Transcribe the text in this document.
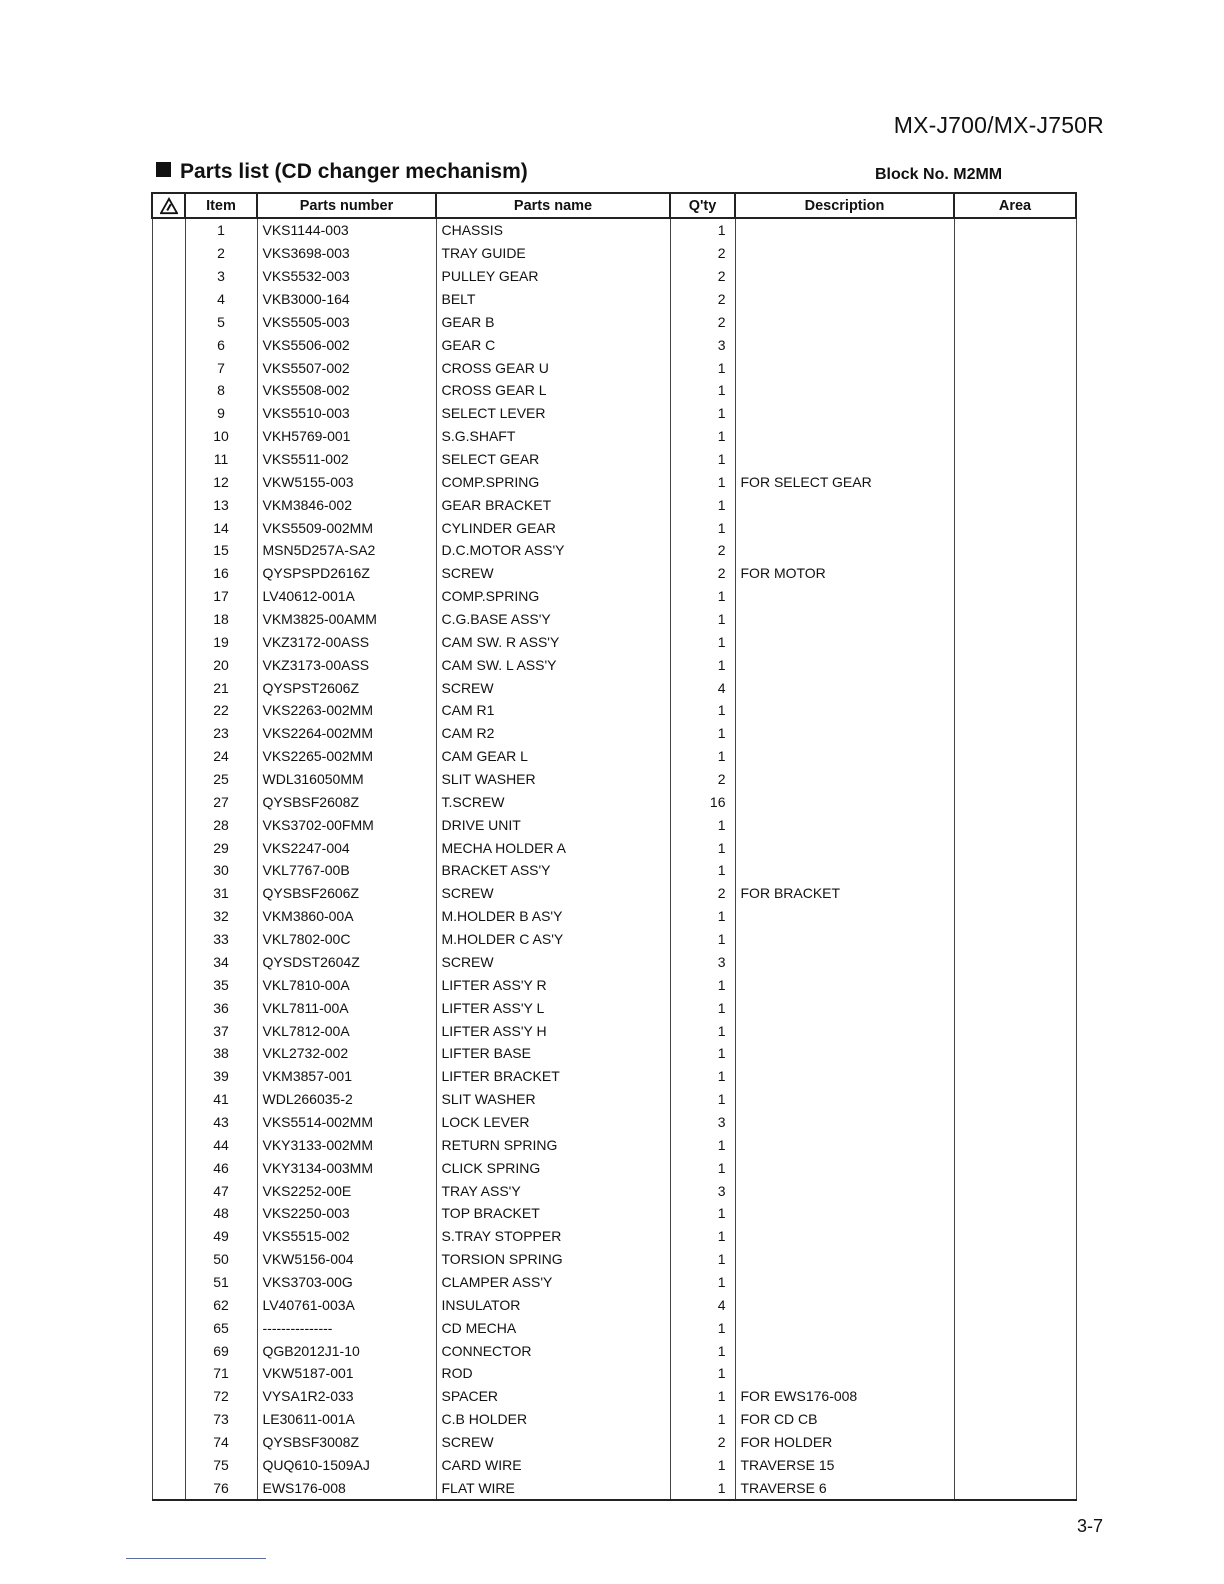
MX-J700/MX-J750R
Parts list (CD changer mechanism)	Block No. M2MM
	Item	Parts number	Parts name	Q'ty	Description	Area
	1	VKS1144-003	CHASSIS	1		
	2	VKS3698-003	TRAY GUIDE	2		
	3	VKS5532-003	PULLEY GEAR	2		
	4	VKB3000-164	BELT	2		
	5	VKS5505-003	GEAR B	2		
	6	VKS5506-002	GEAR C	3		
	7	VKS5507-002	CROSS GEAR U	1		
	8	VKS5508-002	CROSS GEAR L	1		
	9	VKS5510-003	SELECT LEVER	1		
	10	VKH5769-001	S.G.SHAFT	1		
	11	VKS5511-002	SELECT GEAR	1		
	12	VKW5155-003	COMP.SPRING	1	FOR SELECT GEAR	
	13	VKM3846-002	GEAR BRACKET	1		
	14	VKS5509-002MM	CYLINDER GEAR	1		
	15	MSN5D257A-SA2	D.C.MOTOR ASS'Y	2		
	16	QYSPSPD2616Z	SCREW	2	FOR MOTOR	
	17	LV40612-001A	COMP.SPRING	1		
	18	VKM3825-00AMM	C.G.BASE ASS'Y	1		
	19	VKZ3172-00ASS	CAM SW. R ASS'Y	1		
	20	VKZ3173-00ASS	CAM SW. L ASS'Y	1		
	21	QYSPST2606Z	SCREW	4		
	22	VKS2263-002MM	CAM R1	1		
	23	VKS2264-002MM	CAM R2	1		
	24	VKS2265-002MM	CAM GEAR L	1		
	25	WDL316050MM	SLIT WASHER	2		
	27	QYSBSF2608Z	T.SCREW	16		
	28	VKS3702-00FMM	DRIVE UNIT	1		
	29	VKS2247-004	MECHA HOLDER A	1		
	30	VKL7767-00B	BRACKET ASS'Y	1		
	31	QYSBSF2606Z	SCREW	2	FOR BRACKET	
	32	VKM3860-00A	M.HOLDER B AS'Y	1		
	33	VKL7802-00C	M.HOLDER C AS'Y	1		
	34	QYSDST2604Z	SCREW	3		
	35	VKL7810-00A	LIFTER ASS'Y R	1		
	36	VKL7811-00A	LIFTER ASS'Y L	1		
	37	VKL7812-00A	LIFTER ASS'Y H	1		
	38	VKL2732-002	LIFTER BASE	1		
	39	VKM3857-001	LIFTER BRACKET	1		
	41	WDL266035-2	SLIT WASHER	1		
	43	VKS5514-002MM	LOCK LEVER	3		
	44	VKY3133-002MM	RETURN SPRING	1		
	46	VKY3134-003MM	CLICK SPRING	1		
	47	VKS2252-00E	TRAY ASS'Y	3		
	48	VKS2250-003	TOP BRACKET	1		
	49	VKS5515-002	S.TRAY STOPPER	1		
	50	VKW5156-004	TORSION SPRING	1		
	51	VKS3703-00G	CLAMPER ASS'Y	1		
	62	LV40761-003A	INSULATOR	4		
	65	---------------	CD MECHA	1		
	69	QGB2012J1-10	CONNECTOR	1		
	71	VKW5187-001	ROD	1		
	72	VYSA1R2-033	SPACER	1	FOR EWS176-008	
	73	LE30611-001A	C.B HOLDER	1	FOR CD CB	
	74	QYSBSF3008Z	SCREW	2	FOR HOLDER	
	75	QUQ610-1509AJ	CARD WIRE	1	TRAVERSE 15	
	76	EWS176-008	FLAT WIRE	1	TRAVERSE 6	
3-7
